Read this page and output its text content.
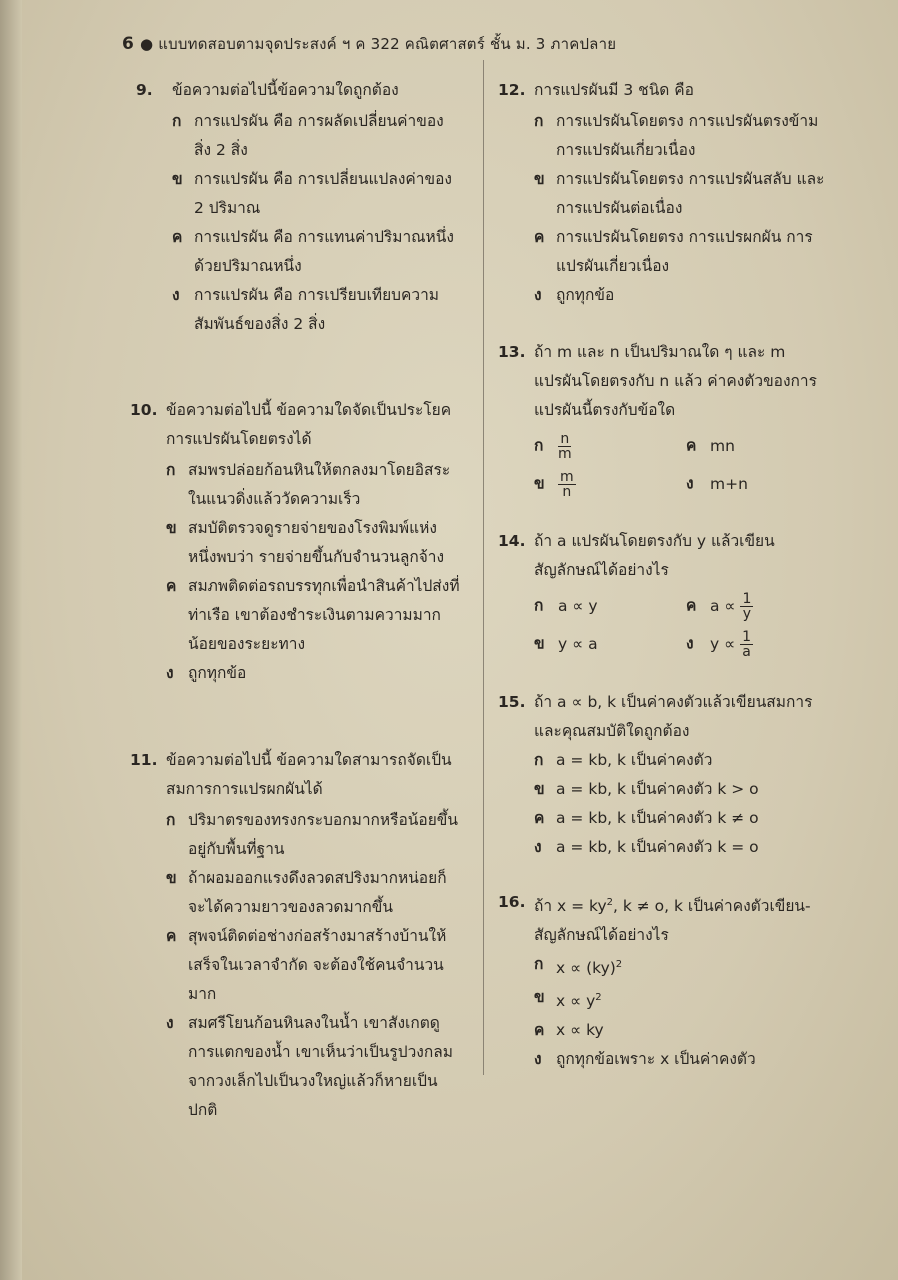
6 ● แบบทดสอบตามจุดประสงค์ ฯ ค 322 คณิตศาสตร์ ชั้น ม. 3 ภาคปลาย
9.	ข้อความต่อไปนี้ข้อความใดถูกต้อง
ก การแปรผัน คือ การผลัดเปลี่ยนค่าของสิ่ง 2 สิ่ง
ข การแปรผัน คือ การเปลี่ยนแปลงค่าของ 2 ปริมาณ
ค การแปรผัน คือ การแทนค่าปริมาณหนึ่งด้วยปริมาณหนึ่ง
ง การแปรผัน คือ การเปรียบเทียบความสัมพันธ์ของสิ่ง 2 สิ่ง
10. ข้อความต่อไปนี้ ข้อความใดจัดเป็นประโยคการแปรผันโดยตรงได้
ก สมพรปล่อยก้อนหินให้ตกลงมาโดยอิสระในแนวดิ่งแล้ววัดความเร็ว
ข สมบัติตรวจดูรายจ่ายของโรงพิมพ์แห่งหนึ่งพบว่า รายจ่ายขึ้นกับจำนวนลูกจ้าง
ค สมภพติดต่อรถบรรทุกเพื่อนำสินค้าไปส่งที่ท่าเรือ เขาต้องชำระเงินตามความมากน้อยของระยะทาง
ง ถูกทุกข้อ
11. ข้อความต่อไปนี้ ข้อความใดสามารถจัดเป็นสมการการแปรผกผันได้
ก ปริมาตรของทรงกระบอกมากหรือน้อยขึ้นอยู่กับพื้นที่ฐาน
ข ถ้าผอมออกแรงดึงลวดสปริงมากหน่อยก็จะได้ความยาวของลวดมากขึ้น
ค สุพจน์ติดต่อช่างก่อสร้างมาสร้างบ้านให้เสร็จในเวลาจำกัด จะต้องใช้คนจำนวนมาก
ง สมศรีโยนก้อนหินลงในน้ำ เขาสังเกตดูการแตกของน้ำ เขาเห็นว่าเป็นรูปวงกลมจากวงเล็กไปเป็นวงใหญ่แล้วก็หายเป็นปกติ
12. การแปรผันมี 3 ชนิด คือ
ก การแปรผันโดยตรง การแปรผันตรงข้าม การแปรผันเกี่ยวเนื่อง
ข การแปรผันโดยตรง การแปรผันสลับ และการแปรผันต่อเนื่อง
ค การแปรผันโดยตรง การแปรผกผัน การแปรผันเกี่ยวเนื่อง
ง ถูกทุกข้อ
13. ถ้า m และ n เป็นปริมาณใด ๆ และ m แปรผันโดยตรงกับ n แล้ว ค่าคงตัวของการแปรผันนี้ตรงกับข้อใด
ก $\frac{n}{m}$	ค mn
ข $\frac{m}{n}$	ง m+n
14. ถ้า a แปรผันโดยตรงกับ y แล้วเขียนสัญลักษณ์ได้อย่างไร
ก a ∝ y	ค $a \propto \frac{1}{y}$
ข y ∝ a	ง $y \propto \frac{1}{a}$
15. ถ้า a ∝ b, k เป็นค่าคงตัวแล้วเขียนสมการและคุณสมบัติใดถูกต้อง
ก a = kb, k เป็นค่าคงตัว
ข a = kb, k เป็นค่าคงตัว k > o
ค a = kb, k เป็นค่าคงตัว k ≠ o
ง a = kb, k เป็นค่าคงตัว k = o
16. ถ้า $x = ky^2$, k ≠ o, k เป็นค่าคงตัวเขียน-สัญลักษณ์ได้อย่างไร
ก x ∝ (ky)$^2$
ข $x \propto y^2$
ค x ∝ ky
ง ถูกทุกข้อเพราะ x เป็นค่าคงตัว
